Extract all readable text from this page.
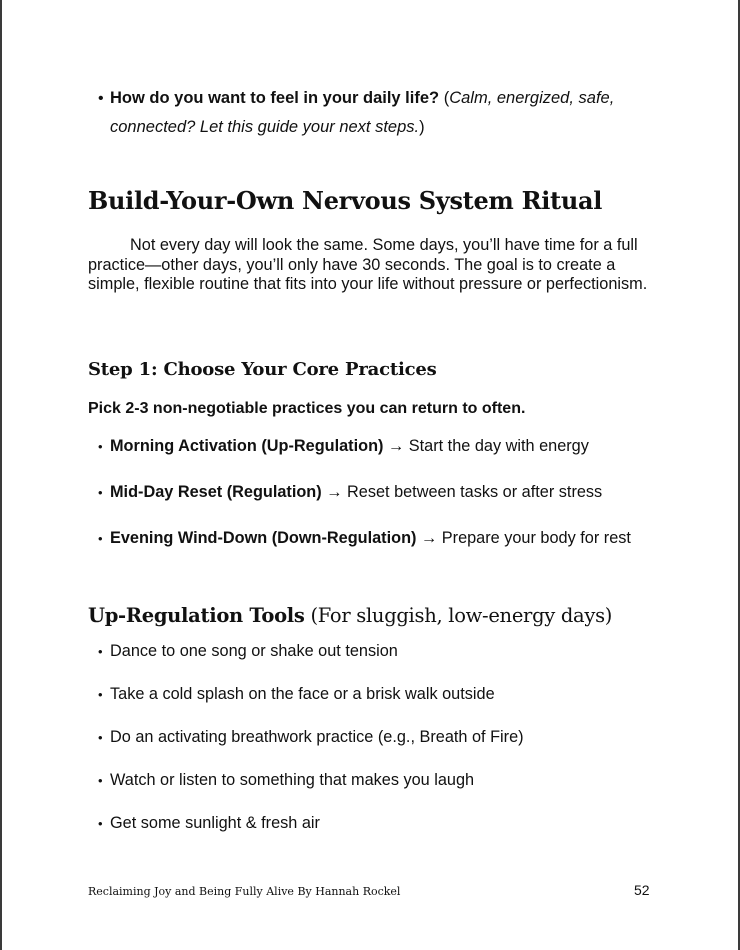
• How do you want to feel in your daily life? (Calm, energized, safe, connected? Let this guide your next steps.)
Build-Your-Own Nervous System Ritual

Not every day will look the same. Some days, you’ll have time for a full practice—other days, you’ll only have 30 seconds. The goal is to create a simple, flexible routine that fits into your life without pressure or perfectionism.

Step 1: Choose Your Core Practices
Pick 2-3 non-negotiable practices you can return to often.
• Morning Activation (Up-Regulation) → Start the day with energy
• Mid-Day Reset (Regulation) → Reset between tasks or after stress
• Evening Wind-Down (Down-Regulation) → Prepare your body for rest
Up-Regulation Tools (For sluggish, low-energy days)
• Dance to one song or shake out tension
• Take a cold splash on the face or a brisk walk outside
• Do an activating breathwork practice (e.g., Breath of Fire)
• Watch or listen to something that makes you laugh
• Get some sunlight & fresh air
Reclaiming Joy and Being Fully Alive By Hannah Rockel	52
